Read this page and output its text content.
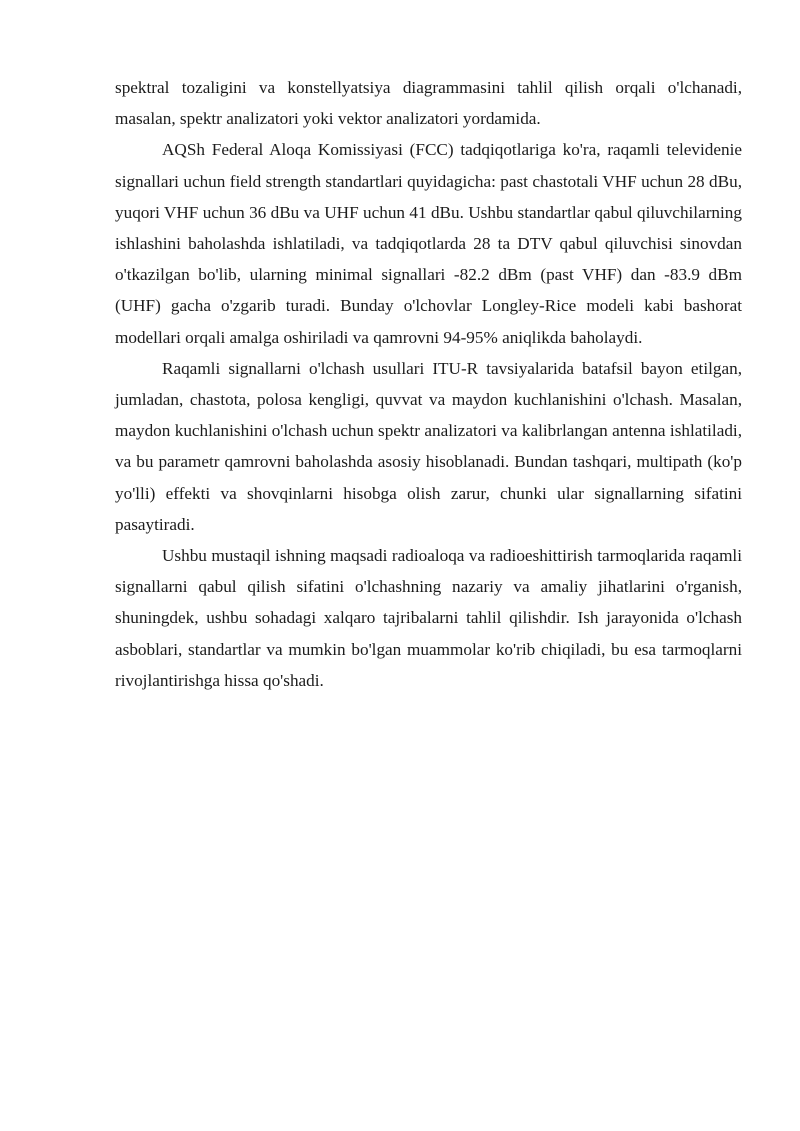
spektral tozaligini va konstellyatsiya diagrammasini tahlil qilish orqali o'lchanadi, masalan, spektr analizatori yoki vektor analizatori yordamida.

AQSh Federal Aloqa Komissiyasi (FCC) tadqiqotlariga ko'ra, raqamli televidenie signallari uchun field strength standartlari quyidagicha: past chastotali VHF uchun 28 dBu, yuqori VHF uchun 36 dBu va UHF uchun 41 dBu. Ushbu standartlar qabul qiluvchilarning ishlashini baholashda ishlatiladi, va tadqiqotlarda 28 ta DTV qabul qiluvchisi sinovdan o'tkazilgan bo'lib, ularning minimal signallari -82.2 dBm (past VHF) dan -83.9 dBm (UHF) gacha o'zgarib turadi. Bunday o'lchovlar Longley-Rice modeli kabi bashorat modellari orqali amalga oshiriladi va qamrovni 94-95% aniqlikda baholaydi.

Raqamli signallarni o'lchash usullari ITU-R tavsiyalarida batafsil bayon etilgan, jumladan, chastota, polosa kengligi, quvvat va maydon kuchlanishini o'lchash. Masalan, maydon kuchlanishini o'lchash uchun spektr analizatori va kalibrlangan antenna ishlatiladi, va bu parametr qamrovni baholashda asosiy hisoblanadi. Bundan tashqari, multipath (ko'p yo'lli) effekti va shovqinlarni hisobga olish zarur, chunki ular signallarning sifatini pasaytiradi.

Ushbu mustaqil ishning maqsadi radioaloqa va radioeshittirish tarmoqlarida raqamli signallarni qabul qilish sifatini o'lchashning nazariy va amaliy jihatlarini o'rganish, shuningdek, ushbu sohadagi xalqaro tajribalarni tahlil qilishdir. Ish jarayonida o'lchash asboblari, standartlar va mumkin bo'lgan muammolar ko'rib chiqiladi, bu esa tarmoqlarni rivojlantirishga hissa qo'shadi.
